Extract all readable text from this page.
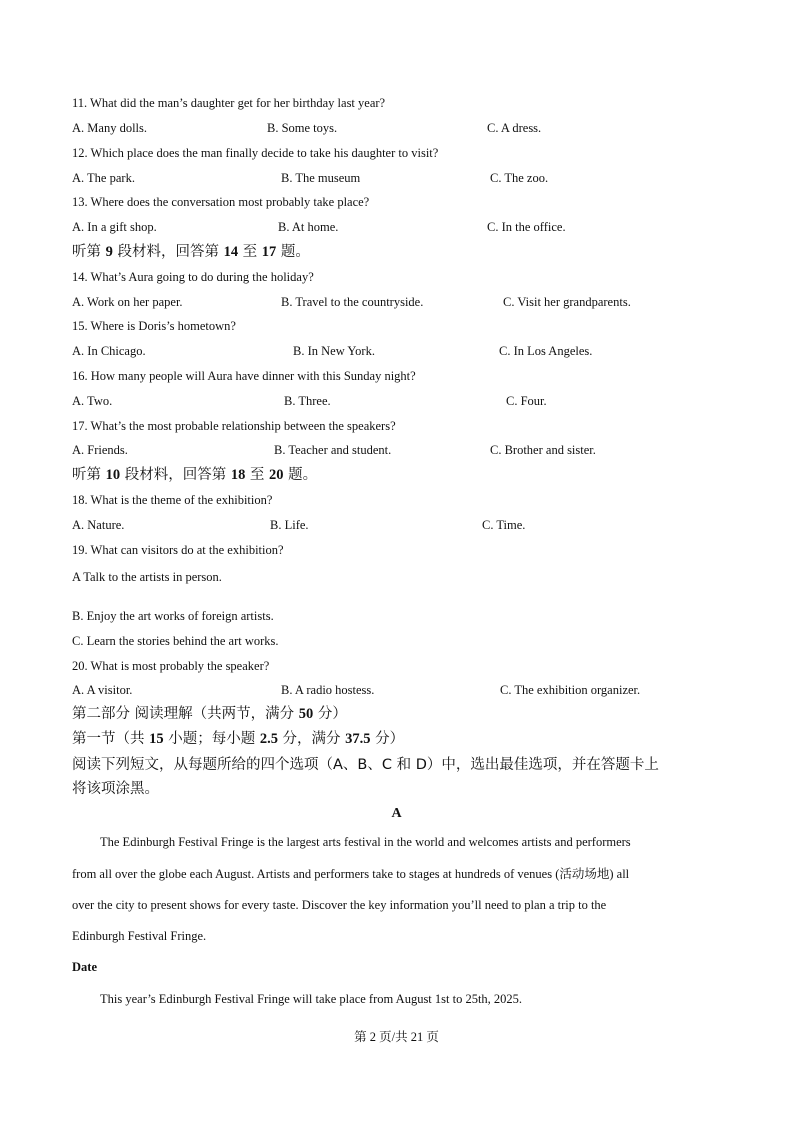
11. What did the man’s daughter get for her birthday last year?
A. Many dolls.	B. Some toys.	C. A dress.
12. Which place does the man finally decide to take his daughter to visit?
A. The park.	B. The museum	C. The zoo.
13. Where does the conversation most probably take place?
A. In a gift shop.	B. At home.	C. In the office.
听第 9 段材料，回答第 14 至 17 题。
14. What’s Aura going to do during the holiday?
A. Work on her paper.	B. Travel to the countryside.	C. Visit her grandparents.
15. Where is Doris’s hometown?
A. In Chicago.	B. In New York.	C. In Los Angeles.
16. How many people will Aura have dinner with this Sunday night?
A. Two.	B. Three.	C. Four.
17. What’s the most probable relationship between the speakers?
A. Friends.	B. Teacher and student.	C. Brother and sister.
听第 10 段材料，回答第 18 至 20 题。
18. What is the theme of the exhibition?
A. Nature.	B. Life.	C. Time.
19. What can visitors do at the exhibition?
A Talk to the artists in person.
B. Enjoy the art works of foreign artists.
C. Learn the stories behind the art works.
20. What is most probably the speaker?
A. A visitor.	B. A radio hostess.	C. The exhibition organizer.
第二部分 阅读理解（共两节，满分 50 分）
第一节（共 15 小题；每小题 2.5 分，满分 37.5 分）
阅读下列短文，从每题所给的四个选项（A、B、C 和 D）中，选出最佳选项，并在答题卡上
将该项涂黑。
A
The Edinburgh Festival Fringe is the largest arts festival in the world and welcomes artists and performers
from all over the globe each August. Artists and performers take to stages at hundreds of venues (活动场地) all
over the city to present shows for every taste. Discover the key information you’ll need to plan a trip to the
Edinburgh Festival Fringe.
Date
This year’s Edinburgh Festival Fringe will take place from August 1st to 25th, 2025.
第 2 页/共 21 页
